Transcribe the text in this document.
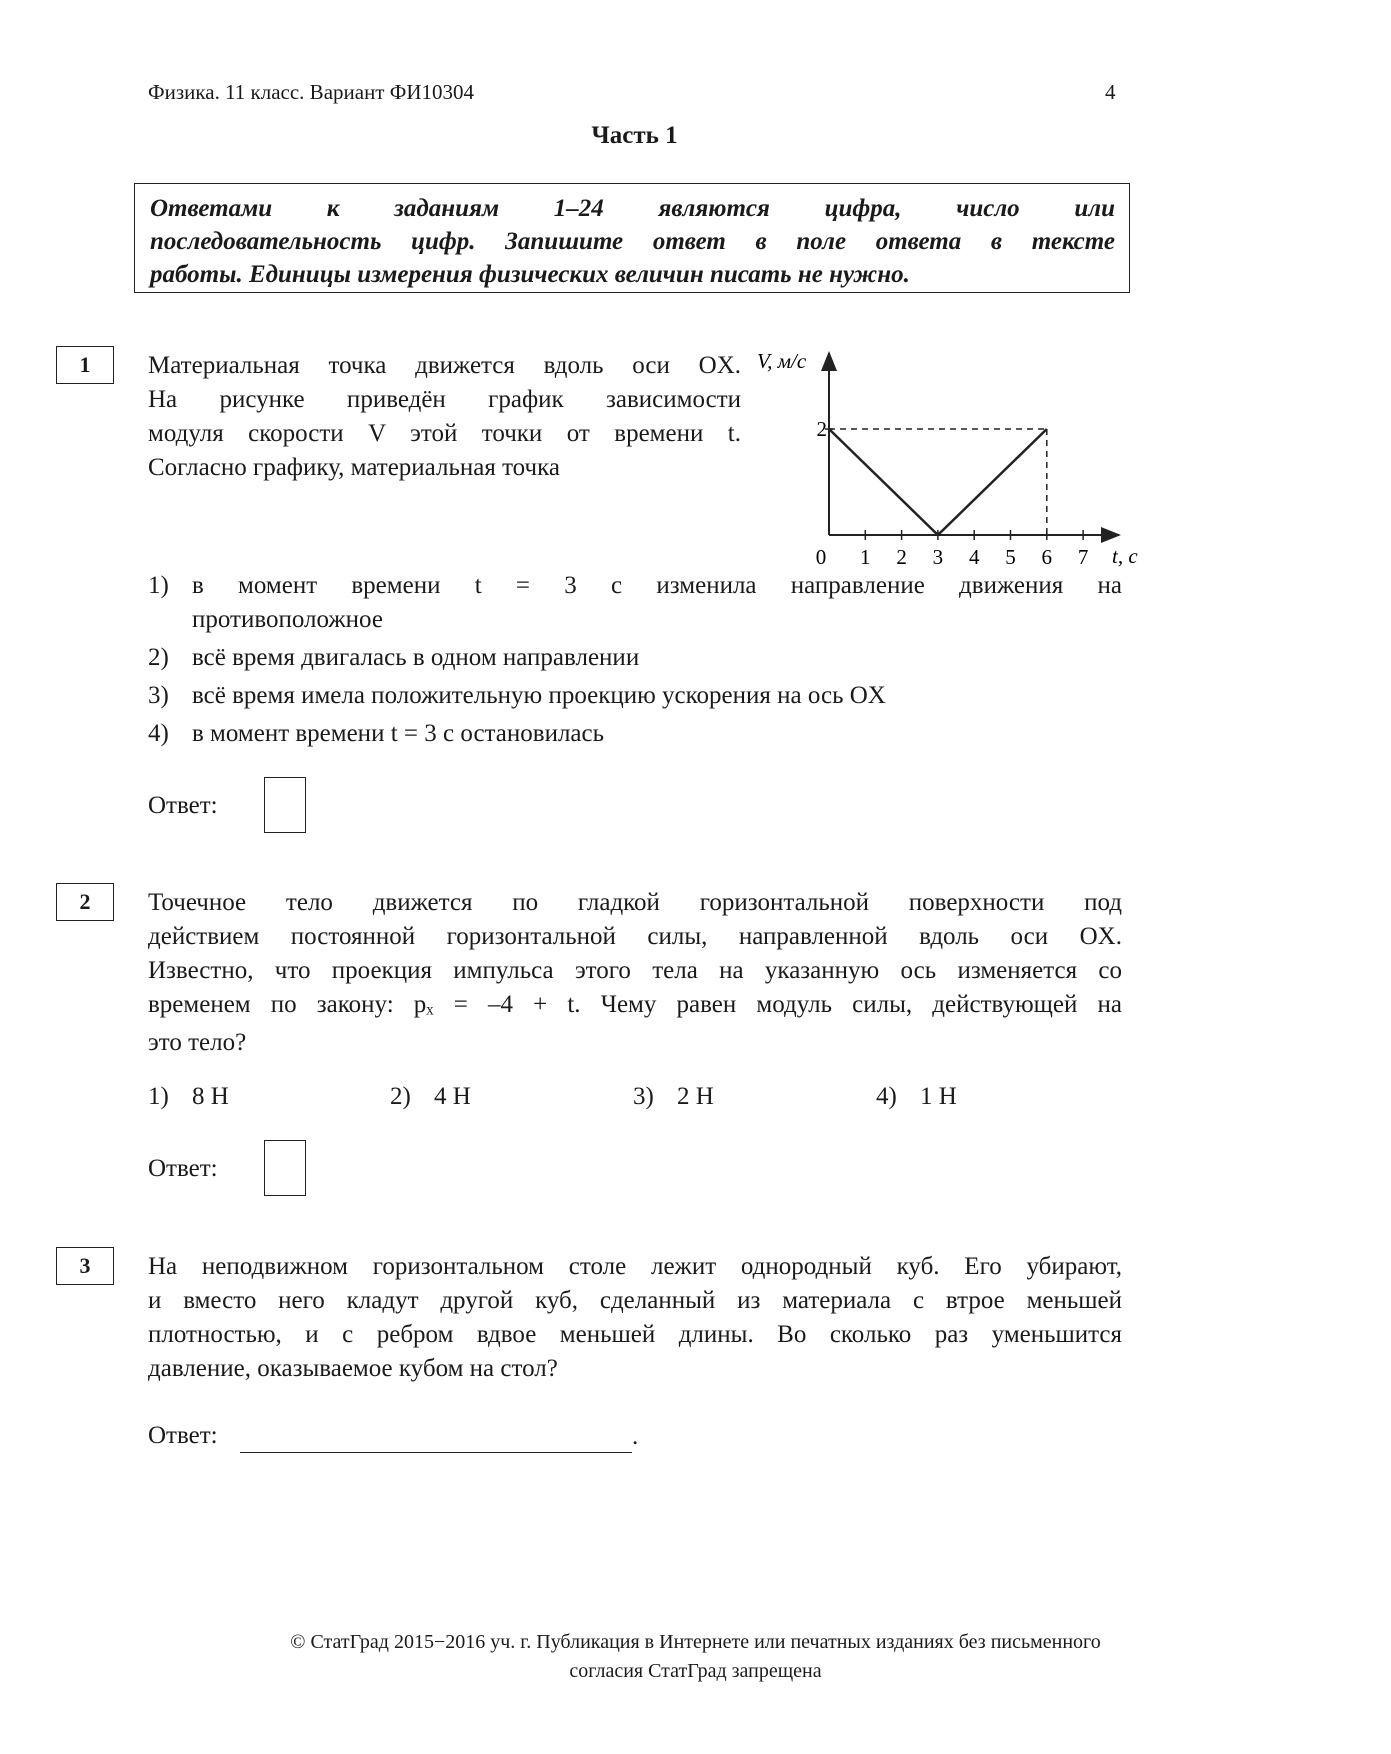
Физика. 11 класс. Вариант ФИ10304	4
Часть 1
Ответами к заданиям 1–24 являются цифра, число или
последовательность цифр. Запишите ответ в поле ответа в тексте
работы. Единицы измерения физических величин писать не нужно.
1	Материальная точка движется вдоль оси OX.
На рисунке приведён график зависимости
модуля скорости V этой точки от времени t.
Согласно графику, материальная точка
0 1 2 3 4 5 6 7
2
t, c
V, м/с
1) в момент времени t = 3 с изменила направление движения на
противоположное
2) всё время двигалась в одном направлении
3) всё время имела положительную проекцию ускорения на ось OX
4) в момент времени t = 3 с остановилась
Ответ:
2	Точечное тело движется по гладкой горизонтальной поверхности под
действием постоянной горизонтальной силы, направленной вдоль оси OX.
Известно, что проекция импульса этого тела на указанную ось изменяется со
временем по закону: pₓ = –4 + t. Чему равен модуль силы, действующей на
это тело?
1) 8 Н	2) 4 Н	3) 2 Н	4) 1 Н
Ответ:
3	На неподвижном горизонтальном столе лежит однородный куб. Его убирают,
и вместо него кладут другой куб, сделанный из материала с втрое меньшей
плотностью, и с ребром вдвое меньшей длины. Во сколько раз уменьшится
давление, оказываемое кубом на стол?
Ответ:	.
© СтатГрад 2015−2016 уч. г. Публикация в Интернете или печатных изданиях без письменного
согласия СтатГрад запрещена
